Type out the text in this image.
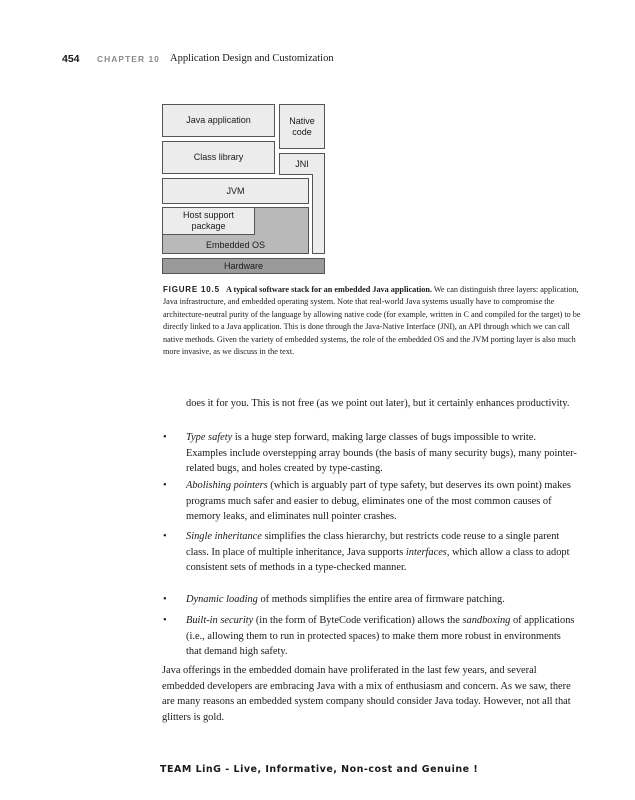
454 CHAPTER 10 Application Design and Customization
Java application	Native code
Class library
JNI
JVM
Embedded OS
Host support package
Hardware
FIGURE 10.5 A typical software stack for an embedded Java application. We can distinguish three layers: application, Java infrastructure, and embedded operating system. Note that real-world Java systems usually have to compromise the architecture-neutral purity of the language by allowing native code (for example, written in C and compiled for the target) to be directly linked to a Java application. This is done through the Java-Native Interface (JNI), an API through which we can call native methods. Given the variety of embedded systems, the role of the embedded OS and the JVM porting layer is also much more invasive, as we discuss in the text.
does it for you. This is not free (as we point out later), but it certainly enhances productivity.
• Type safety is a huge step forward, making large classes of bugs impossible to write. Examples include overstepping array bounds (the basis of many security bugs), many pointer-related bugs, and holes created by type-casting.
• Abolishing pointers (which is arguably part of type safety, but deserves its own point) makes programs much safer and easier to debug, eliminates one of the most common causes of memory leaks, and eliminates null pointer crashes.
• Single inheritance simplifies the class hierarchy, but restricts code reuse to a single parent class. In place of multiple inheritance, Java supports interfaces, which allow a class to adopt consistent sets of methods in a type-checked manner.
• Dynamic loading of methods simplifies the entire area of firmware patching.
• Built-in security (in the form of ByteCode verification) allows the sandboxing of applications (i.e., allowing them to run in protected spaces) to make them more robust in environments that demand high safety.
Java offerings in the embedded domain have proliferated in the last few years, and several embedded developers are embracing Java with a mix of enthusiasm and concern. As we saw, there are many reasons an embedded system company should consider Java today. However, not all that glitters is gold.
TEAM LinG - Live, Informative, Non-cost and Genuine !
